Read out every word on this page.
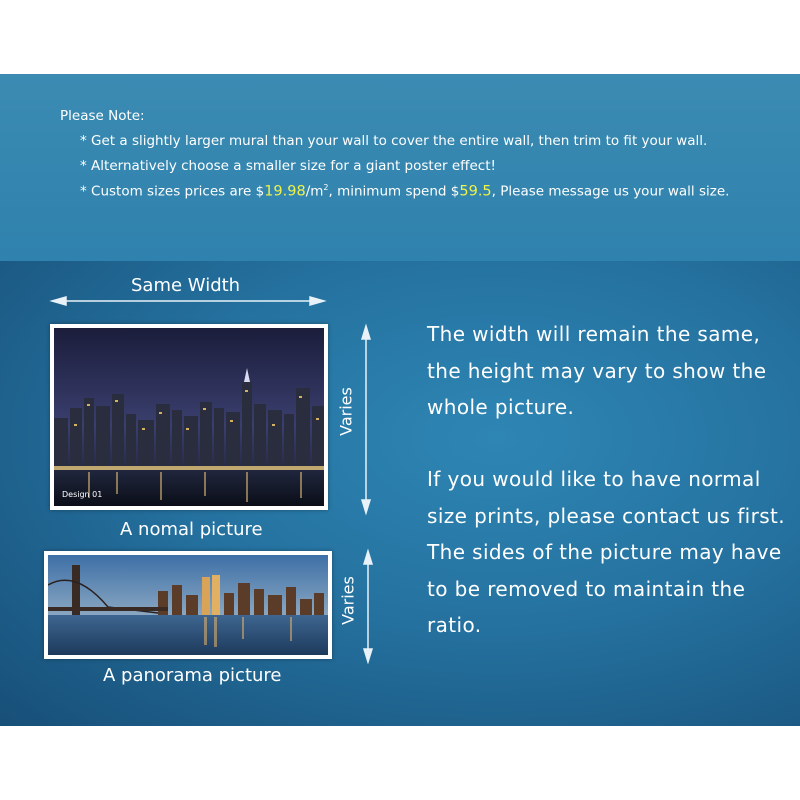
Please Note:
* Get a slightly larger mural than your wall to cover the entire wall, then trim to fit your wall.
* Alternatively choose a smaller size for a giant poster effect!
* Custom sizes prices are $\$19.98/m^2$, minimum spend $59.5, Please message us your wall size.
Same Width
Design 01
Varies
A nomal picture
Varies
A panorama picture
The width will remain the same,
the height may vary to show the
whole picture.
If you would like to have normal
size prints, please contact us first.
The sides of the picture may have
to be removed to maintain the
ratio.
